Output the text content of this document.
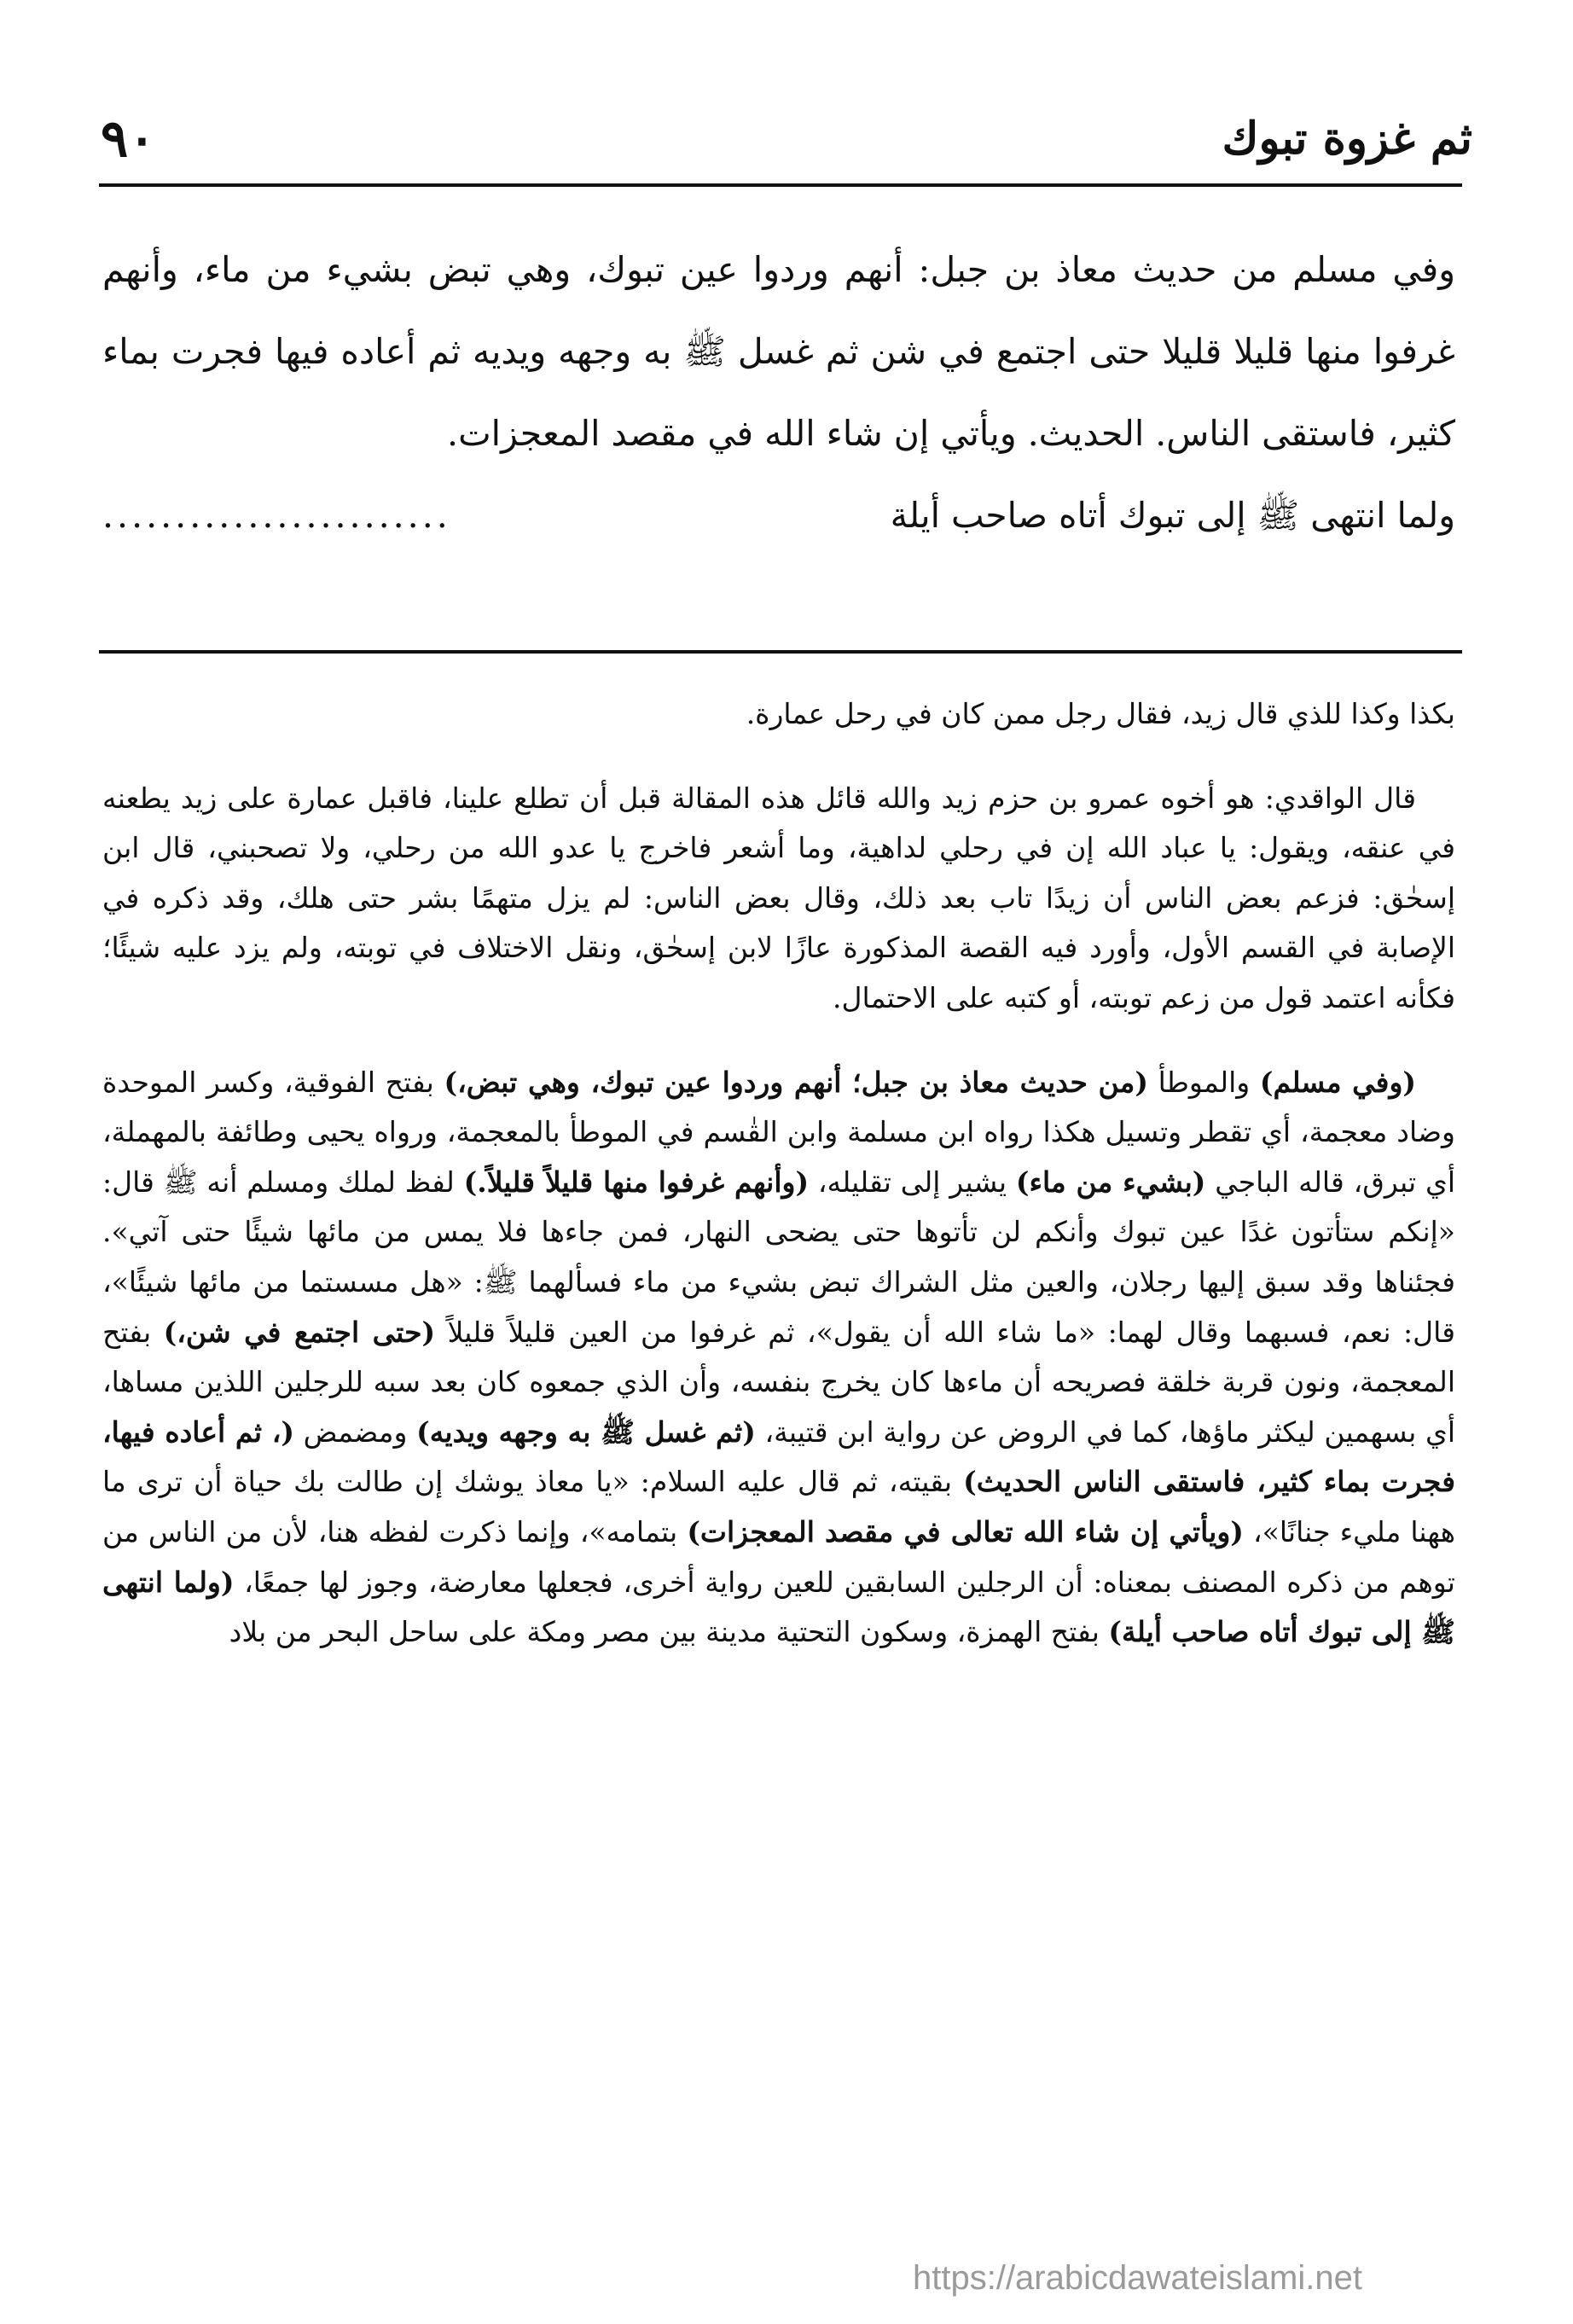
ثم غزوة تبوك
٩٠

وفي مسلم من حديث معاذ بن جبل: أنهم وردوا عين تبوك، وهي تبض بشيء من ماء، وأنهم غرفوا منها قليلا قليلا حتى اجتمع في شن ثم غسل ﷺ به وجهه ويديه ثم أعاده فيها فجرت بماء كثير، فاستقى الناس. الحديث. ويأتي إن شاء الله في مقصد المعجزات.

ولما انتهى ﷺ إلى تبوك أتاه صاحب أيلة
........................

بكذا وكذا للذي قال زيد، فقال رجل ممن كان في رحل عمارة.

قال الواقدي: هو أخوه عمرو بن حزم زيد والله قائل هذه المقالة قبل أن تطلع علينا، فاقبل عمارة على زيد يطعنه في عنقه، ويقول: يا عباد الله إن في رحلي لداهية، وما أشعر فاخرج يا عدو الله من رحلي، ولا تصحبني، قال ابن إسحٰق: فزعم بعض الناس أن زيدًا تاب بعد ذلك، وقال بعض الناس: لم يزل متهمًا بشر حتى هلك، وقد ذكره في الإصابة في القسم الأول، وأورد فيه القصة المذكورة عازًا لابن إسحٰق، ونقل الاختلاف في توبته، ولم يزد عليه شيئًا؛ فكأنه اعتمد قول من زعم توبته، أو كتبه على الاحتمال.

(وفي مسلم) والموطأ (من حديث معاذ بن جبل؛ أنهم وردوا عين تبوك، وهي تبض،) بفتح الفوقية، وكسر الموحدة وضاد معجمة، أي تقطر وتسيل هكذا رواه ابن مسلمة وابن القٰسم في الموطأ بالمعجمة، ورواه يحيى وطائفة بالمهملة، أي تبرق، قاله الباجي (بشيء من ماء) يشير إلى تقليله، (وأنهم غرفوا منها قليلاً قليلاً.) لفظ لملك ومسلم أنه ﷺ قال: «إنكم ستأتون غدًا عين تبوك وأنكم لن تأتوها حتى يضحى النهار، فمن جاءها فلا يمس من مائها شيئًا حتى آتي». فجئناها وقد سبق إليها رجلان، والعين مثل الشراك تبض بشيء من ماء فسألهما ﷺ: «هل مسستما من مائها شيئًا»، قال: نعم، فسبهما وقال لهما: «ما شاء الله أن يقول»، ثم غرفوا من العين قليلاً قليلاً (حتى اجتمع في شن،) بفتح المعجمة، ونون قربة خلقة فصريحه أن ماءها كان يخرج بنفسه، وأن الذي جمعوه كان بعد سبه للرجلين اللذين مساها، أي بسهمين ليكثر ماؤها، كما في الروض عن رواية ابن قتيبة، (ثم غسل ﷺ به وجهه ويديه) ومضمض (، ثم أعاده فيها، فجرت بماء كثير، فاستقى الناس الحديث) بقيته، ثم قال عليه السلام: «يا معاذ يوشك إن طالت بك حياة أن ترى ما ههنا مليء جنانًا»، (ويأتي إن شاء الله تعالى في مقصد المعجزات) بتمامه»، وإنما ذكرت لفظه هنا، لأن من الناس من توهم من ذكره المصنف بمعناه: أن الرجلين السابقين للعين رواية أخرى، فجعلها معارضة، وجوز لها جمعًا، (ولما انتهى ﷺ إلى تبوك أتاه صاحب أيلة) بفتح الهمزة، وسكون التحتية مدينة بين مصر ومكة على ساحل البحر من بلاد

https://arabicdawateislami.net
